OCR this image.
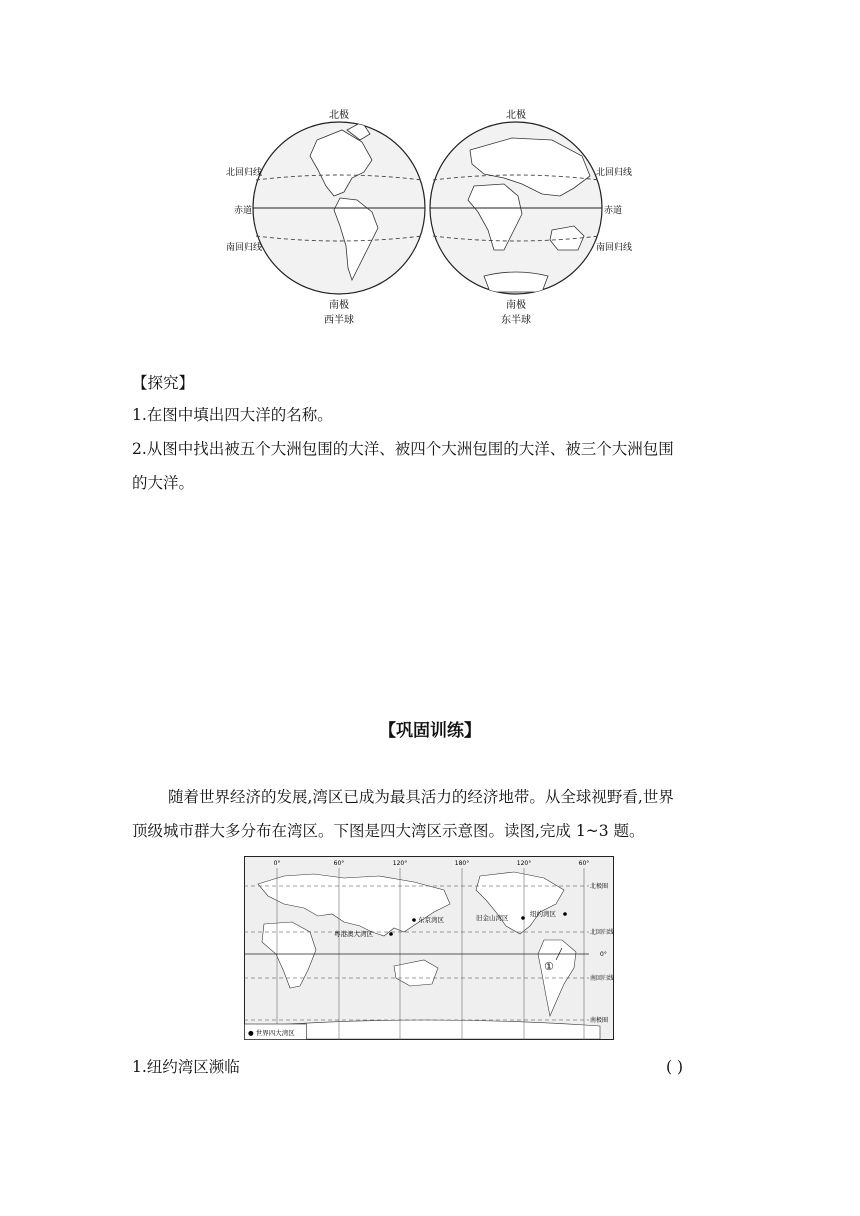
北极	北极
北回归线	北回归线
赤道	赤道
南回归线	南回归线
南极	南极
西半球	东半球
【探究】
1.在图中填出四大洋的名称。
2.从图中找出被五个大洲包围的大洋、被四个大洲包围的大洋、被三个大洲包围
的大洋。
【巩固训练】
随着世界经济的发展,湾区已成为最具活力的经济地带。从全球视野看,世界
顶级城市群大多分布在湾区。下图是四大湾区示意图。读图,完成 1~3 题。
0°	60°	120°	180°	120°	60°
北极圈
北回归线
0°
南回归线
南极圈
东京湾区
粤港澳大湾区
旧金山湾区	纽约湾区
①
● 世界四大湾区
1.纽约湾区濒临	( )
